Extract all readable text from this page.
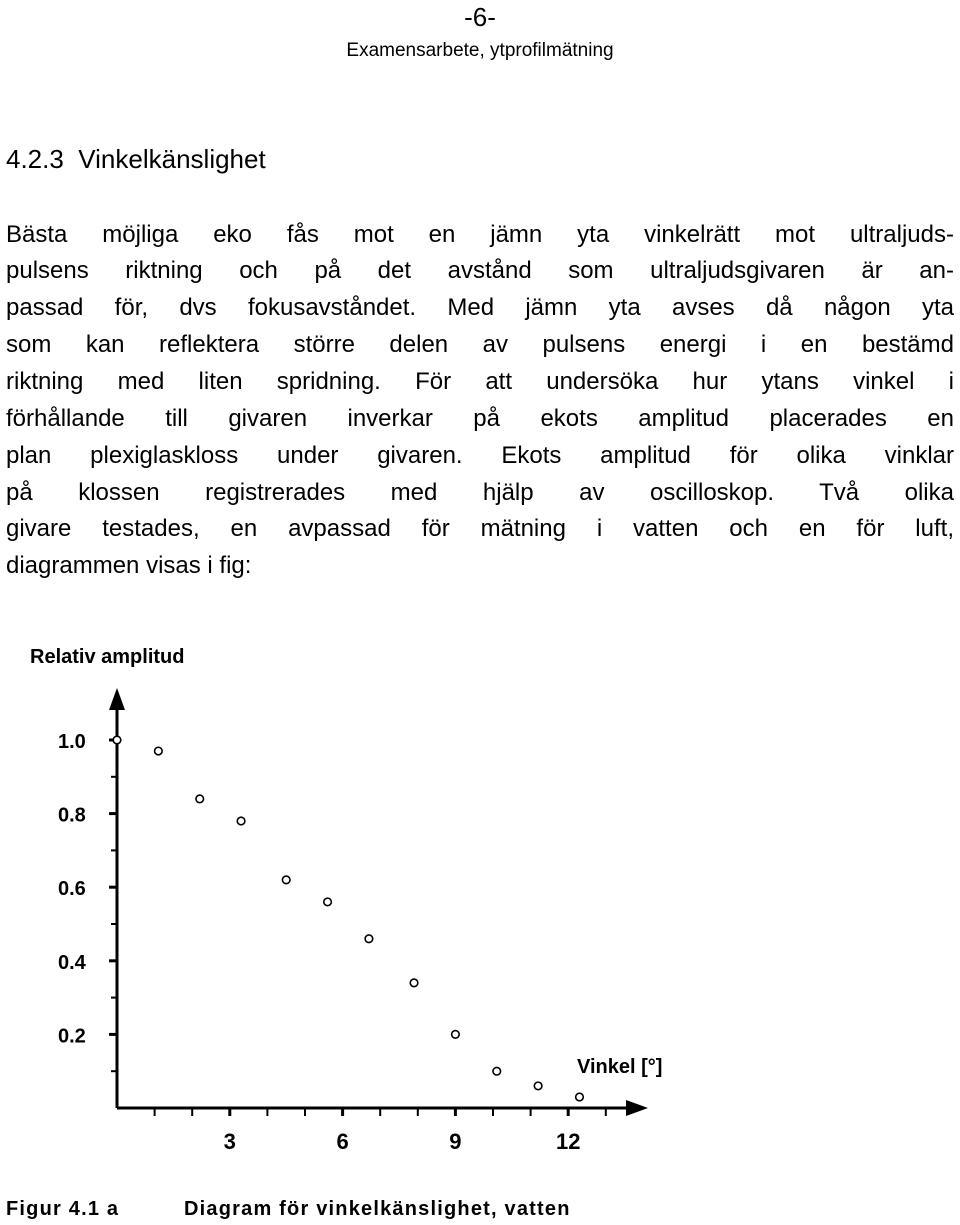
-6-
Examensarbete, ytprofilmätning
4.2.3  Vinkelkänslighet
Bästa möjliga eko fås mot en jämn yta vinkelrätt mot ultraljuds-
pulsens riktning och på det avstånd som ultraljudsgivaren är an-
passad för, dvs fokusavståndet. Med jämn yta avses då någon yta
som kan reflektera större delen av pulsens energi i en bestämd
riktning med liten spridning. För att undersöka hur ytans vinkel i
förhållande till givaren inverkar på ekots amplitud placerades en
plan plexiglaskloss under givaren. Ekots amplitud för olika vinklar
på klossen registrerades med hjälp av oscilloskop. Två olika
givare testades, en avpassad för mätning i vatten och en för luft,
diagrammen visas i fig:
Relativ amplitud
Vinkel [°]
0.2
0.4
0.6
0.8
1.0
3	6	9	12
Figur 4.1 a	Diagram för vinkelkänslighet, vatten
